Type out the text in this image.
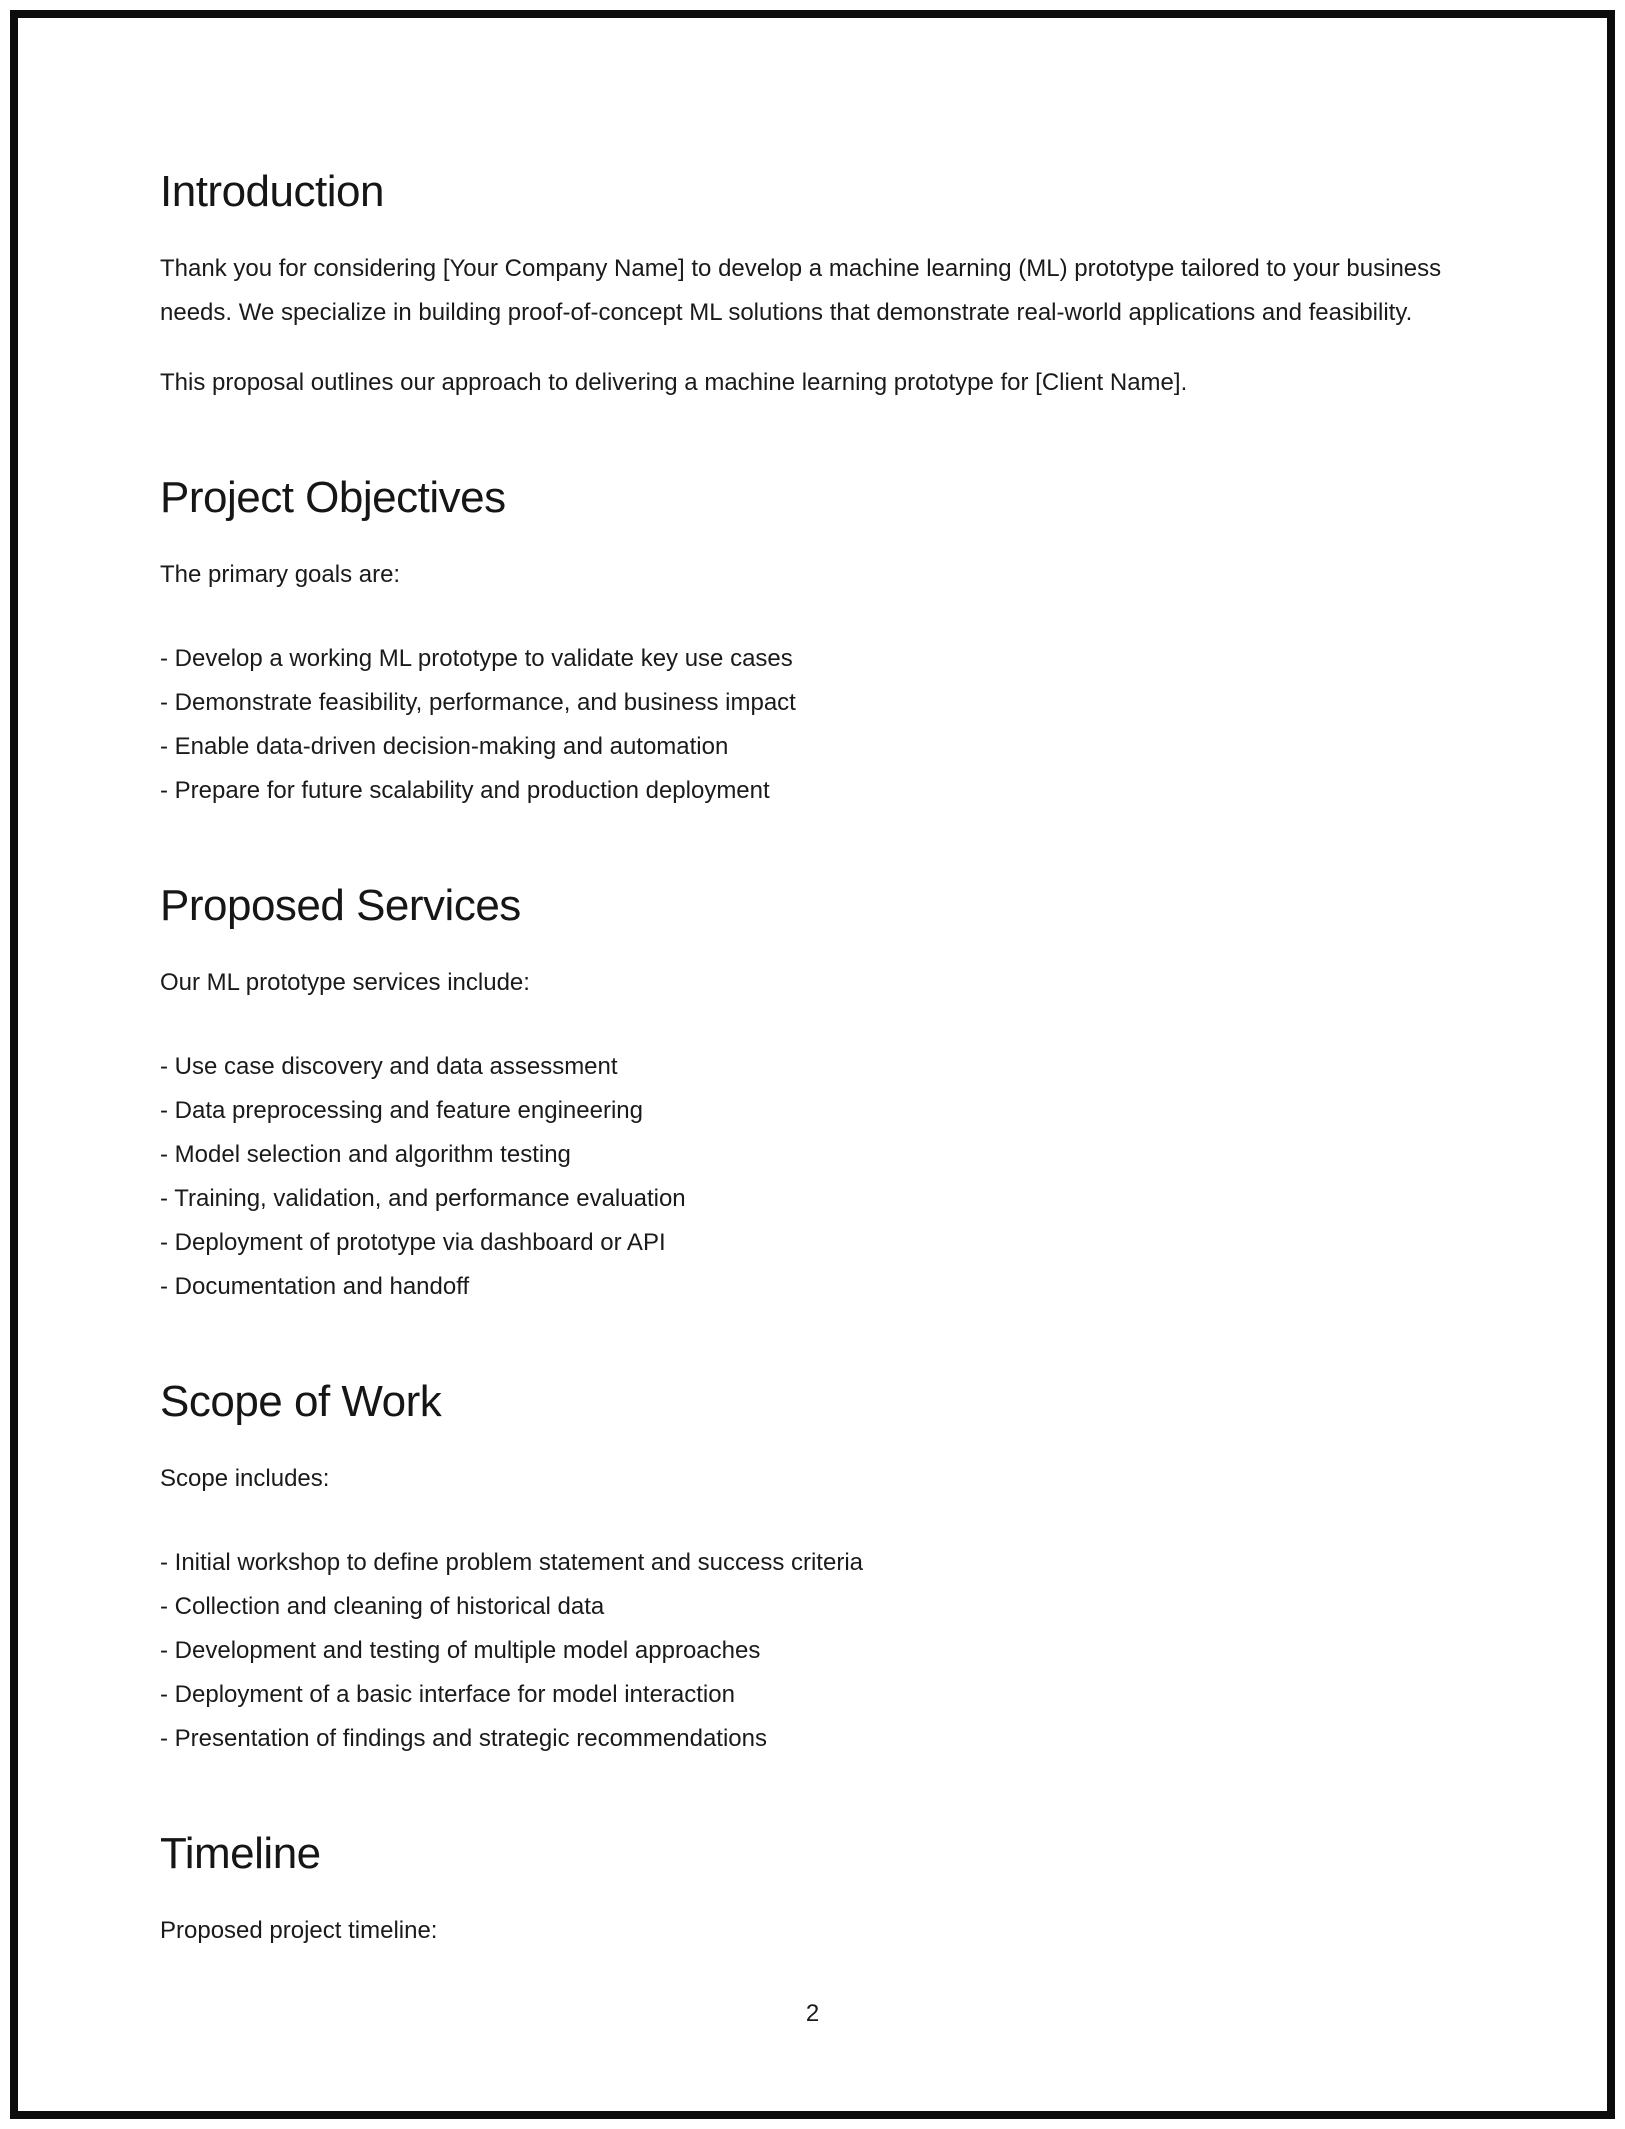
Introduction

Thank you for considering [Your Company Name] to develop a machine learning (ML) prototype tailored to your business needs. We specialize in building proof-of-concept ML solutions that demonstrate real-world applications and feasibility.

This proposal outlines our approach to delivering a machine learning prototype for [Client Name].

Project Objectives

The primary goals are:

- Develop a working ML prototype to validate key use cases
- Demonstrate feasibility, performance, and business impact
- Enable data-driven decision-making and automation
- Prepare for future scalability and production deployment
Proposed Services

Our ML prototype services include:

- Use case discovery and data assessment
- Data preprocessing and feature engineering
- Model selection and algorithm testing
- Training, validation, and performance evaluation
- Deployment of prototype via dashboard or API
- Documentation and handoff
Scope of Work

Scope includes:

- Initial workshop to define problem statement and success criteria
- Collection and cleaning of historical data
- Development and testing of multiple model approaches
- Deployment of a basic interface for model interaction
- Presentation of findings and strategic recommendations
Timeline

Proposed project timeline:

2
